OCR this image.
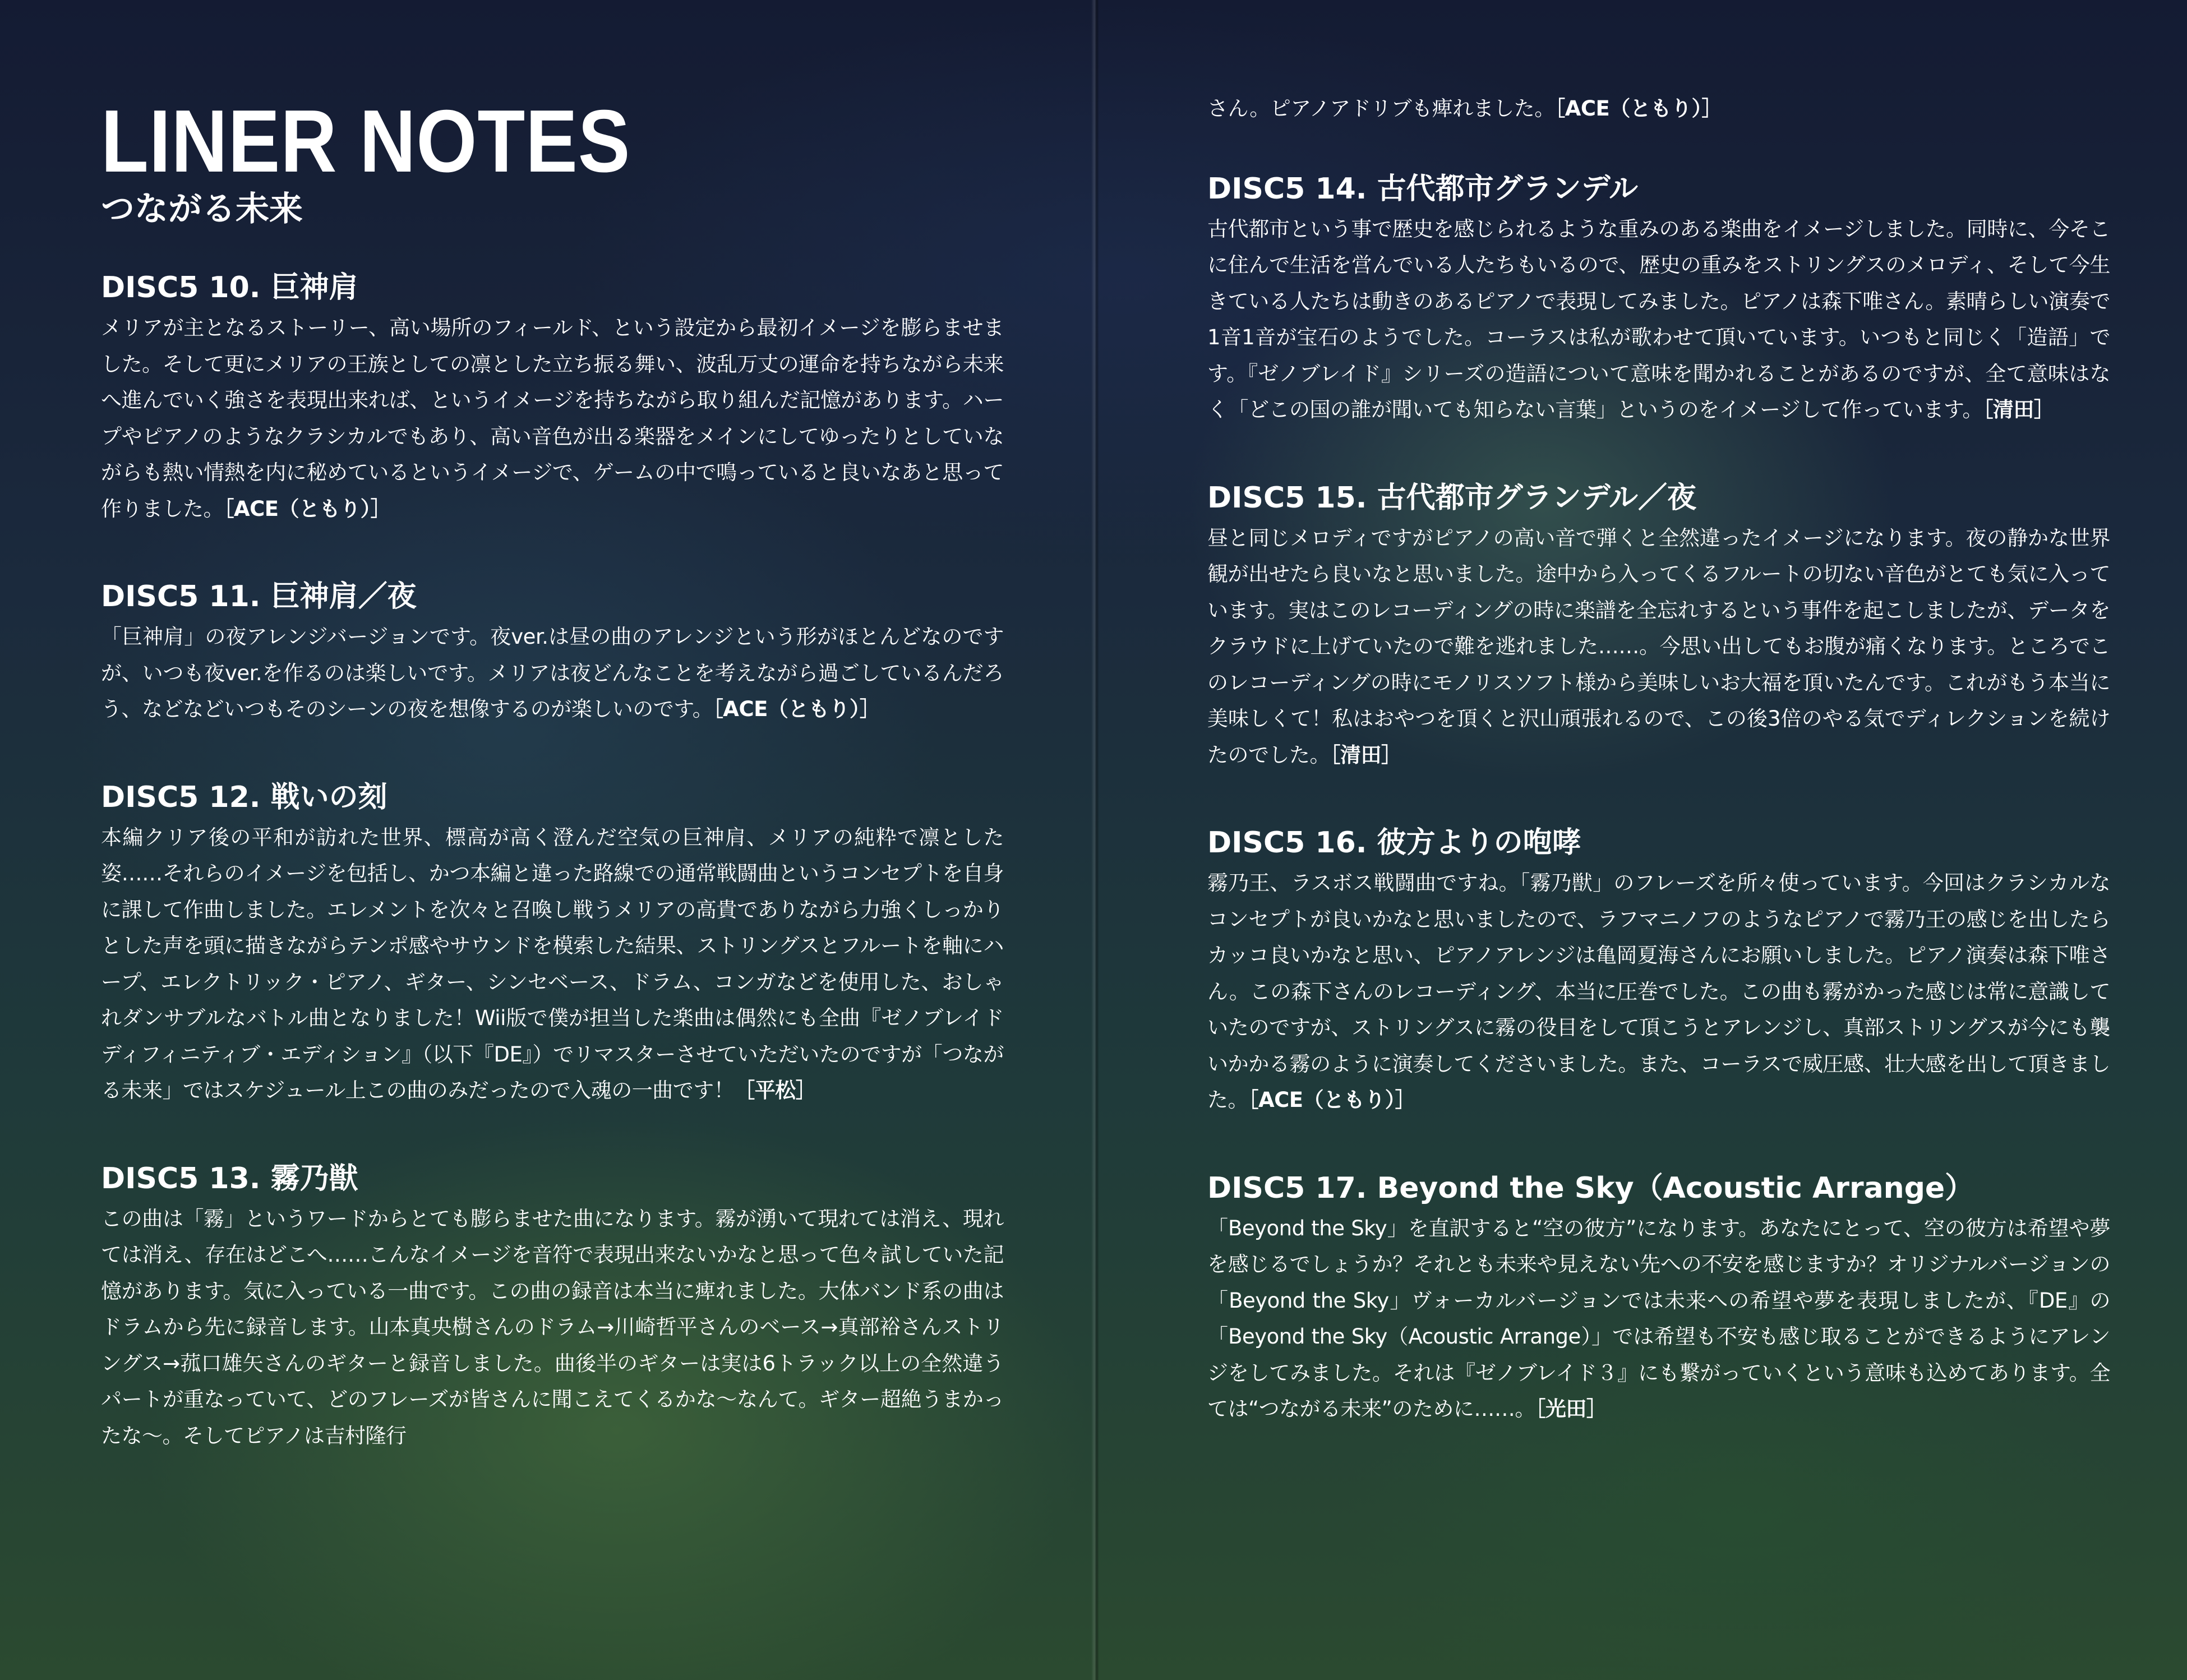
LINER NOTES
つながる未来
DISC5 10. 巨神肩

メリアが主となるストーリー、高い場所のフィールド、という設定から最初イメージを膨らませました。そして更にメリアの王族としての凛とした立ち振る舞い、波乱万丈の運命を持ちながら未来へ進んでいく強さを表現出来れば、というイメージを持ちながら取り組んだ記憶があります。ハープやピアノのようなクラシカルでもあり、高い音色が出る楽器をメインにしてゆったりとしていながらも熱い情熱を内に秘めているというイメージで、ゲームの中で鳴っていると良いなあと思って作りました。［ACE（ともり）］

DISC5 11. 巨神肩／夜

「巨神肩」の夜アレンジバージョンです。夜ver.は昼の曲のアレンジという形がほとんどなのですが、いつも夜ver.を作るのは楽しいです。メリアは夜どんなことを考えながら過ごしているんだろう、などなどいつもそのシーンの夜を想像するのが楽しいのです。［ACE（ともり）］

DISC5 12. 戦いの刻

本編クリア後の平和が訪れた世界、標高が高く澄んだ空気の巨神肩、メリアの純粋で凛とした姿……それらのイメージを包括し、かつ本編と違った路線での通常戦闘曲というコンセプトを自身に課して作曲しました。エレメントを次々と召喚し戦うメリアの高貴でありながら力強くしっかりとした声を頭に描きながらテンポ感やサウンドを模索した結果、ストリングスとフルートを軸にハープ、エレクトリック・ピアノ、ギター、シンセベース、ドラム、コンガなどを使用した、おしゃれダンサブルなバトル曲となりました！Wii版で僕が担当した楽曲は偶然にも全曲『ゼノブレイド ディフィニティブ・エディション』（以下『DE』）でリマスターさせていただいたのですが「つながる未来」ではスケジュール上この曲のみだったので入魂の一曲です！［平松］

DISC5 13. 霧乃獣

この曲は「霧」というワードからとても膨らませた曲になります。霧が湧いて現れては消え、現れては消え、存在はどこへ……こんなイメージを音符で表現出来ないかなと思って色々試していた記憶があります。気に入っている一曲です。この曲の録音は本当に痺れました。大体バンド系の曲はドラムから先に録音します。山本真央樹さんのドラム→川崎哲平さんのベース→真部裕さんストリングス→菰口雄矢さんのギターと録音しました。曲後半のギターは実は6トラック以上の全然違うパートが重なっていて、どのフレーズが皆さんに聞こえてくるかな～なんて。ギター超絶うまかったな～。そしてピアノは吉村隆行

さん。ピアノアドリブも痺れました。［ACE（ともり）］

DISC5 14. 古代都市グランデル

古代都市という事で歴史を感じられるような重みのある楽曲をイメージしました。同時に、今そこに住んで生活を営んでいる人たちもいるので、歴史の重みをストリングスのメロディ、そして今生きている人たちは動きのあるピアノで表現してみました。ピアノは森下唯さん。素晴らしい演奏で1音1音が宝石のようでした。コーラスは私が歌わせて頂いています。いつもと同じく「造語」です。『ゼノブレイド』シリーズの造語について意味を聞かれることがあるのですが、全て意味はなく「どこの国の誰が聞いても知らない言葉」というのをイメージして作っています。［清田］

DISC5 15. 古代都市グランデル／夜

昼と同じメロディですがピアノの高い音で弾くと全然違ったイメージになります。夜の静かな世界観が出せたら良いなと思いました。途中から入ってくるフルートの切ない音色がとても気に入っています。実はこのレコーディングの時に楽譜を全忘れするという事件を起こしましたが、データをクラウドに上げていたので難を逃れました……。今思い出してもお腹が痛くなります。ところでこのレコーディングの時にモノリスソフト様から美味しいお大福を頂いたんです。これがもう本当に美味しくて！私はおやつを頂くと沢山頑張れるので、この後3倍のやる気でディレクションを続けたのでした。［清田］

DISC5 16. 彼方よりの咆哮

霧乃王、ラスボス戦闘曲ですね。「霧乃獣」のフレーズを所々使っています。今回はクラシカルなコンセプトが良いかなと思いましたので、ラフマニノフのようなピアノで霧乃王の感じを出したらカッコ良いかなと思い、ピアノアレンジは亀岡夏海さんにお願いしました。ピアノ演奏は森下唯さん。この森下さんのレコーディング、本当に圧巻でした。この曲も霧がかった感じは常に意識していたのですが、ストリングスに霧の役目をして頂こうとアレンジし、真部ストリングスが今にも襲いかかる霧のように演奏してくださいました。また、コーラスで威圧感、壮大感を出して頂きました。［ACE（ともり）］

DISC5 17. Beyond the Sky（Acoustic Arrange）

「Beyond the Sky」を直訳すると“空の彼方”になります。あなたにとって、空の彼方は希望や夢を感じるでしょうか？それとも未来や見えない先への不安を感じますか？オリジナルバージョンの「Beyond the Sky」ヴォーカルバージョンでは未来への希望や夢を表現しましたが、『DE』の「Beyond the Sky（Acoustic Arrange）」では希望も不安も感じ取ることができるようにアレンジをしてみました。それは『ゼノブレイド３』にも繋がっていくという意味も込めてあります。全ては“つながる未来”のために……。［光田］
